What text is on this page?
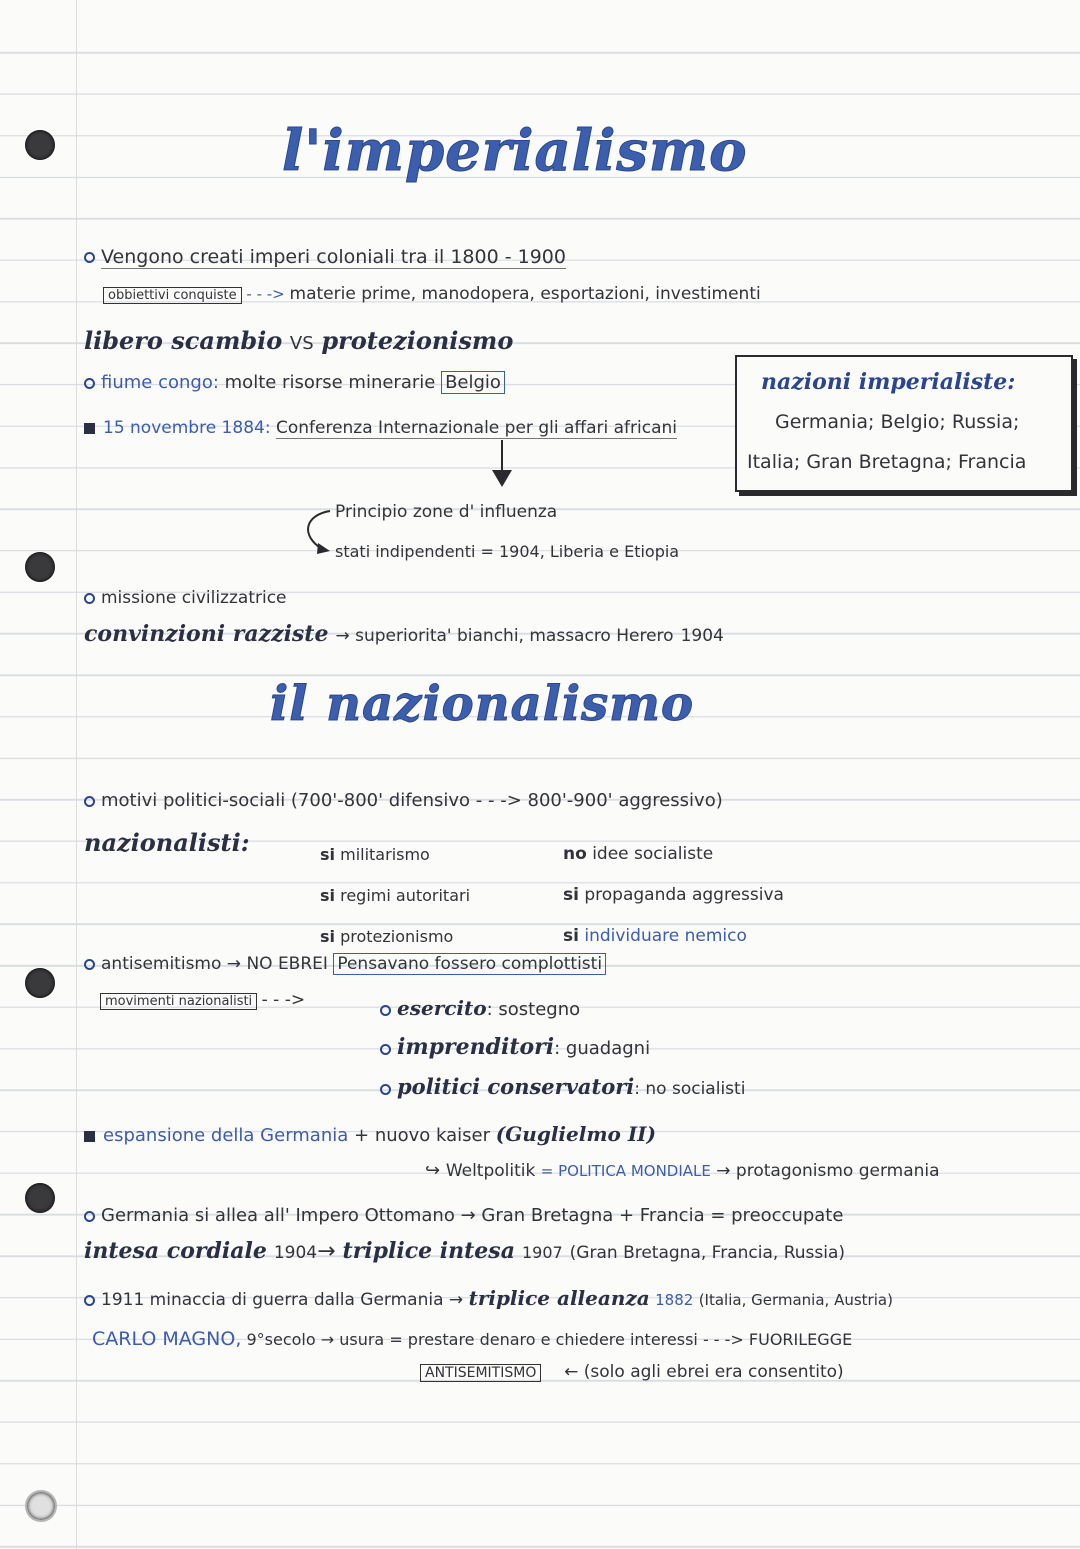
l'imperialismo
Vengono creati imperi coloniali tra il 1800 - 1900
obbiettivi conquiste - - -> materie prime, manodopera, esportazioni, investimenti
libero scambio VS protezionismo
fiume congo: molte risorse minerarie Belgio
15 novembre 1884: Conferenza Internazionale per gli affari africani
Principio zone d' influenza
stati indipendenti = 1904, Liberia e Etiopia
missione civilizzatrice
convinzioni razziste → superiorita' bianchi, massacro Herero 1904
nazioni imperialiste:
Germania; Belgio; Russia;
Italia; Gran Bretagna; Francia
il nazionalismo
motivi politici-sociali (700'-800' difensivo - - -> 800'-900' aggressivo)
nazionalisti:	si militarismo
si regimi autoritari
si protezionismo
no idee socialiste
si propaganda aggressiva
si individuare nemico
antisemitismo → NO EBREI Pensavano fossero complottisti
movimenti nazionalisti - - ->	esercito: sostegno
imprenditori: guadagni
politici conservatori: no socialisti
espansione della Germania + nuovo kaiser (Guglielmo II)
↪ Weltpolitik = POLITICA MONDIALE → protagonismo germania
Germania si allea all' Impero Ottomano → Gran Bretagna + Francia = preoccupate
intesa cordiale 1904→ triplice intesa 1907 (Gran Bretagna, Francia, Russia)
1911 minaccia di guerra dalla Germania → triplice alleanza 1882 (Italia, Germania, Austria)
CARLO MAGNO, 9°secolo → usura = prestare denaro e chiedere interessi - - -> FUORILEGGE
ANTISEMITISMO ← (solo agli ebrei era consentito)
